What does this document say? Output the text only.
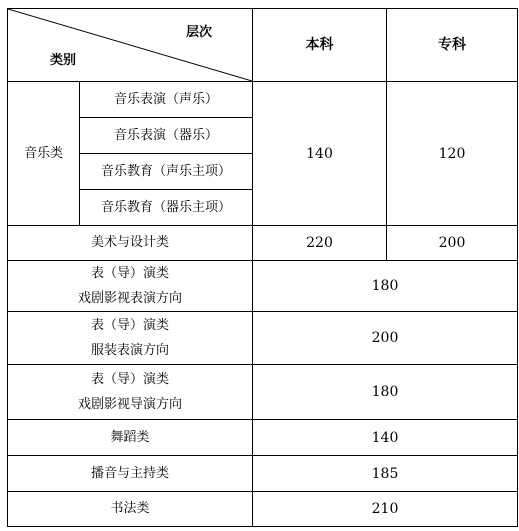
层次
类别		本科	专科
音乐类	音乐表演（声乐）	140	120
	音乐表演（器乐）		
	音乐教育（声乐主项）		
	音乐教育（器乐主项）		
美术与设计类		220	200

表（导）演类
戏剧影视表演方向		180	

表（导）演类
服装表演方向		200	

表（导）演类
戏剧影视导演方向		180	
舞蹈类		140	
播音与主持类		185	
书法类		210	
